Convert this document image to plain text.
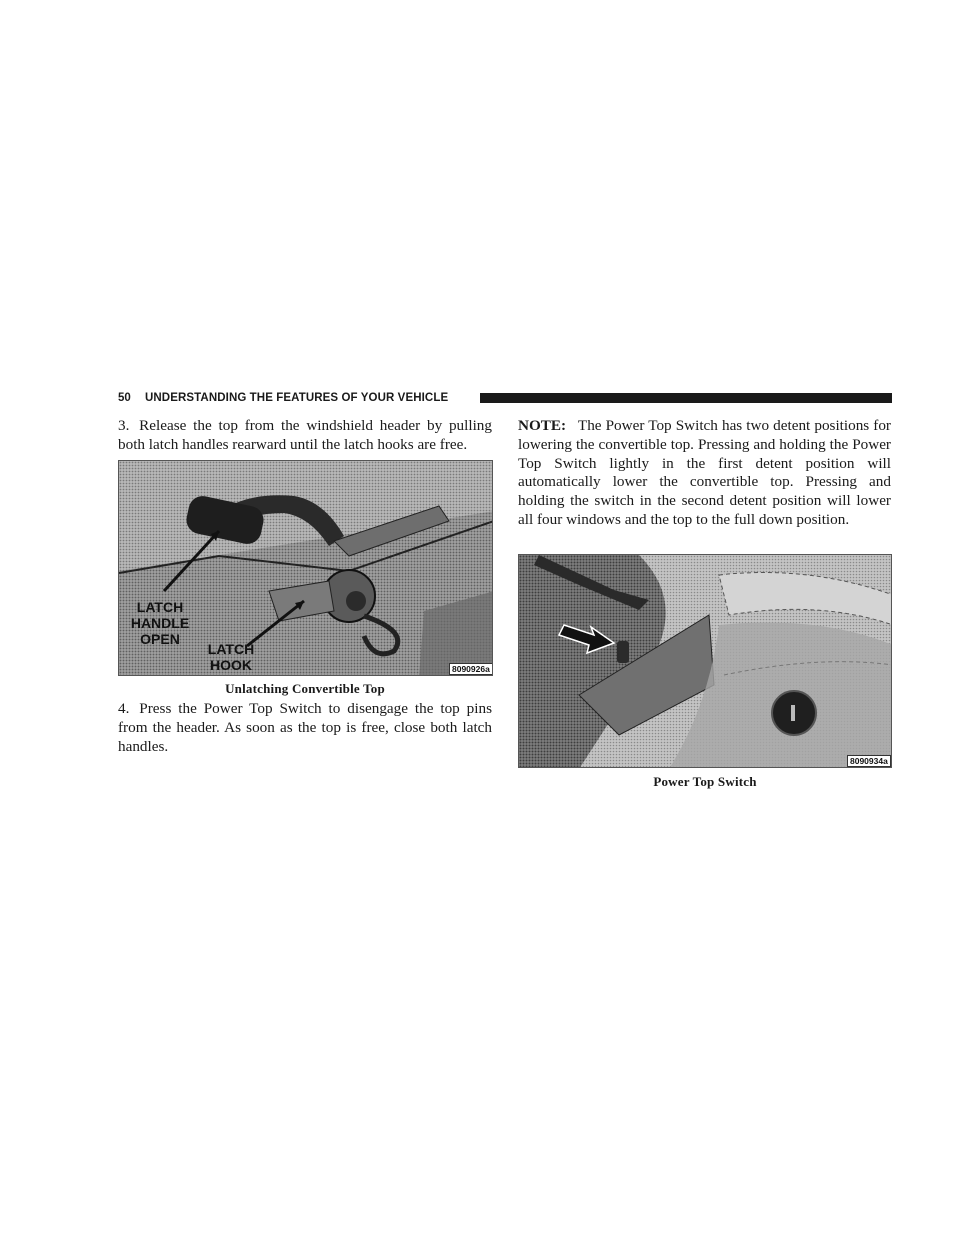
50 UNDERSTANDING THE FEATURES OF YOUR VEHICLE

3. Release the top from the windshield header by pulling both latch handles rearward until the latch hooks are free.

LATCH
HANDLE
OPEN
LATCH
HOOK	8090926a
Unlatching Convertible Top

4. Press the Power Top Switch to disengage the top pins from the header. As soon as the top is free, close both latch handles.

NOTE: The Power Top Switch has two detent positions for lowering the convertible top. Pressing and holding the Power Top Switch lightly in the first detent position will automatically lower the convertible top. Pressing and holding the switch in the second detent position will lower all four windows and the top to the full down position.

8090934a
Power Top Switch
